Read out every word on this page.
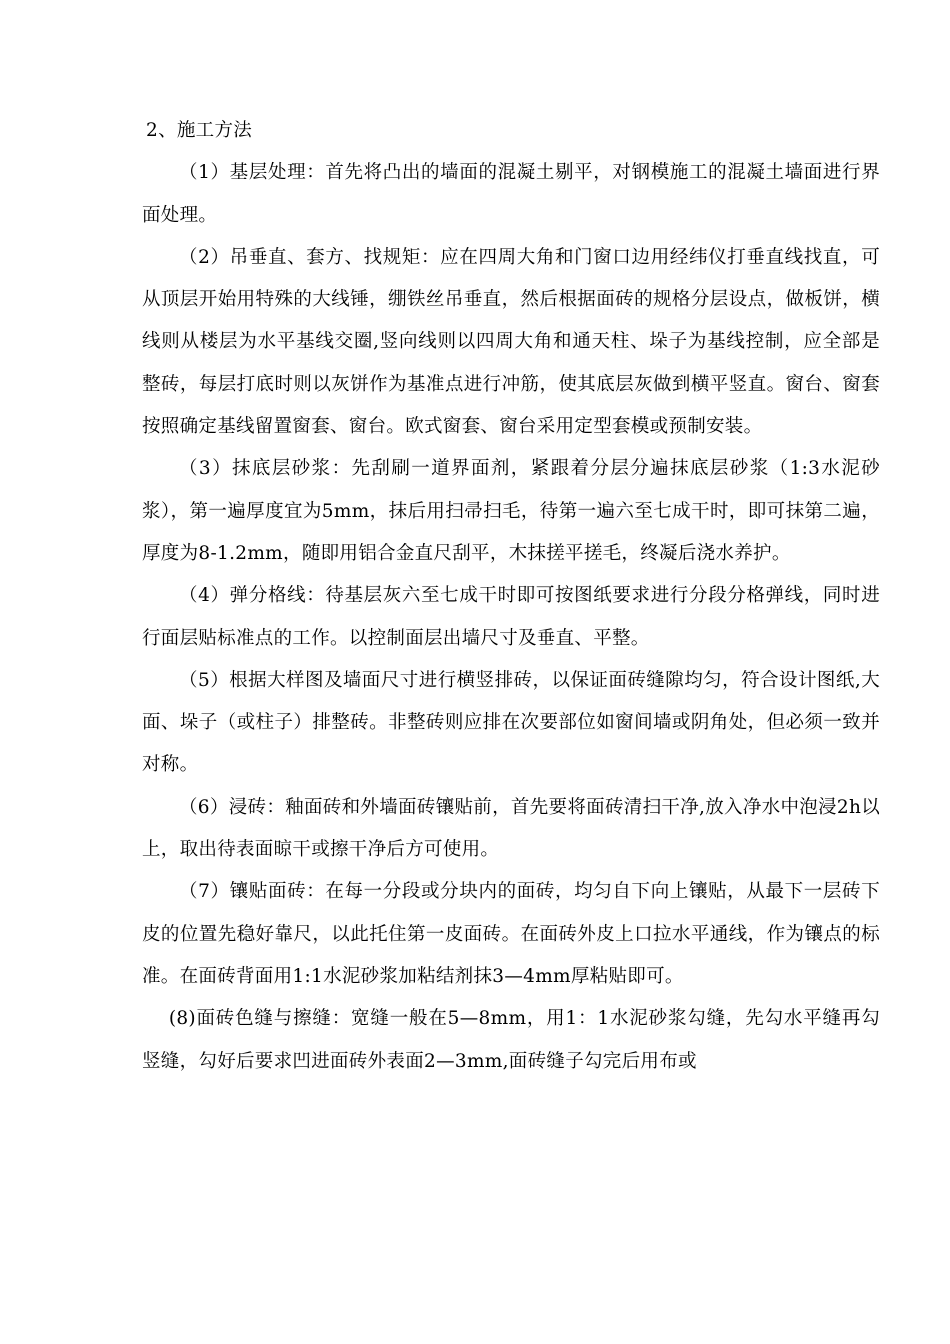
2、施工方法

（1）基层处理：首先将凸出的墙面的混凝土剔平，对钢模施工的混凝土墙面进行界面处理。

（2）吊垂直、套方、找规矩：应在四周大角和门窗口边用经纬仪打垂直线找直，可从顶层开始用特殊的大线锤，绷铁丝吊垂直，然后根据面砖的规格分层设点，做板饼，横线则从楼层为水平基线交圈,竖向线则以四周大角和通天柱、垛子为基线控制，应全部是整砖，每层打底时则以灰饼作为基准点进行冲筋，使其底层灰做到横平竖直。窗台、窗套按照确定基线留置窗套、窗台。欧式窗套、窗台采用定型套模或预制安装。

（3）抹底层砂浆：先刮刷一道界面剂，紧跟着分层分遍抹底层砂浆（1:3水泥砂浆），第一遍厚度宜为5mm，抹后用扫帚扫毛，待第一遍六至七成干时，即可抹第二遍，厚度为8-1.2mm，随即用铝合金直尺刮平，木抹搓平搓毛，终凝后浇水养护。

（4）弹分格线：待基层灰六至七成干时即可按图纸要求进行分段分格弹线，同时进行面层贴标准点的工作。以控制面层出墙尺寸及垂直、平整。

（5）根据大样图及墙面尺寸进行横竖排砖，以保证面砖缝隙均匀，符合设计图纸,大面、垛子（或柱子）排整砖。非整砖则应排在次要部位如窗间墙或阴角处，但必须一致并对称。

（6）浸砖：釉面砖和外墙面砖镶贴前，首先要将面砖清扫干净,放入净水中泡浸2h以上，取出待表面晾干或擦干净后方可使用。

（7）镶贴面砖：在每一分段或分块内的面砖，均匀自下向上镶贴，从最下一层砖下皮的位置先稳好靠尺，以此托住第一皮面砖。在面砖外皮上口拉水平通线，作为镶点的标准。在面砖背面用1:1水泥砂浆加粘结剂抹3—4mm厚粘贴即可。

(8)面砖色缝与擦缝：宽缝一般在5—8mm，用1：1水泥砂浆勾缝，先勾水平缝再勾竖缝，勾好后要求凹进面砖外表面2—3mm,面砖缝子勾完后用布或
